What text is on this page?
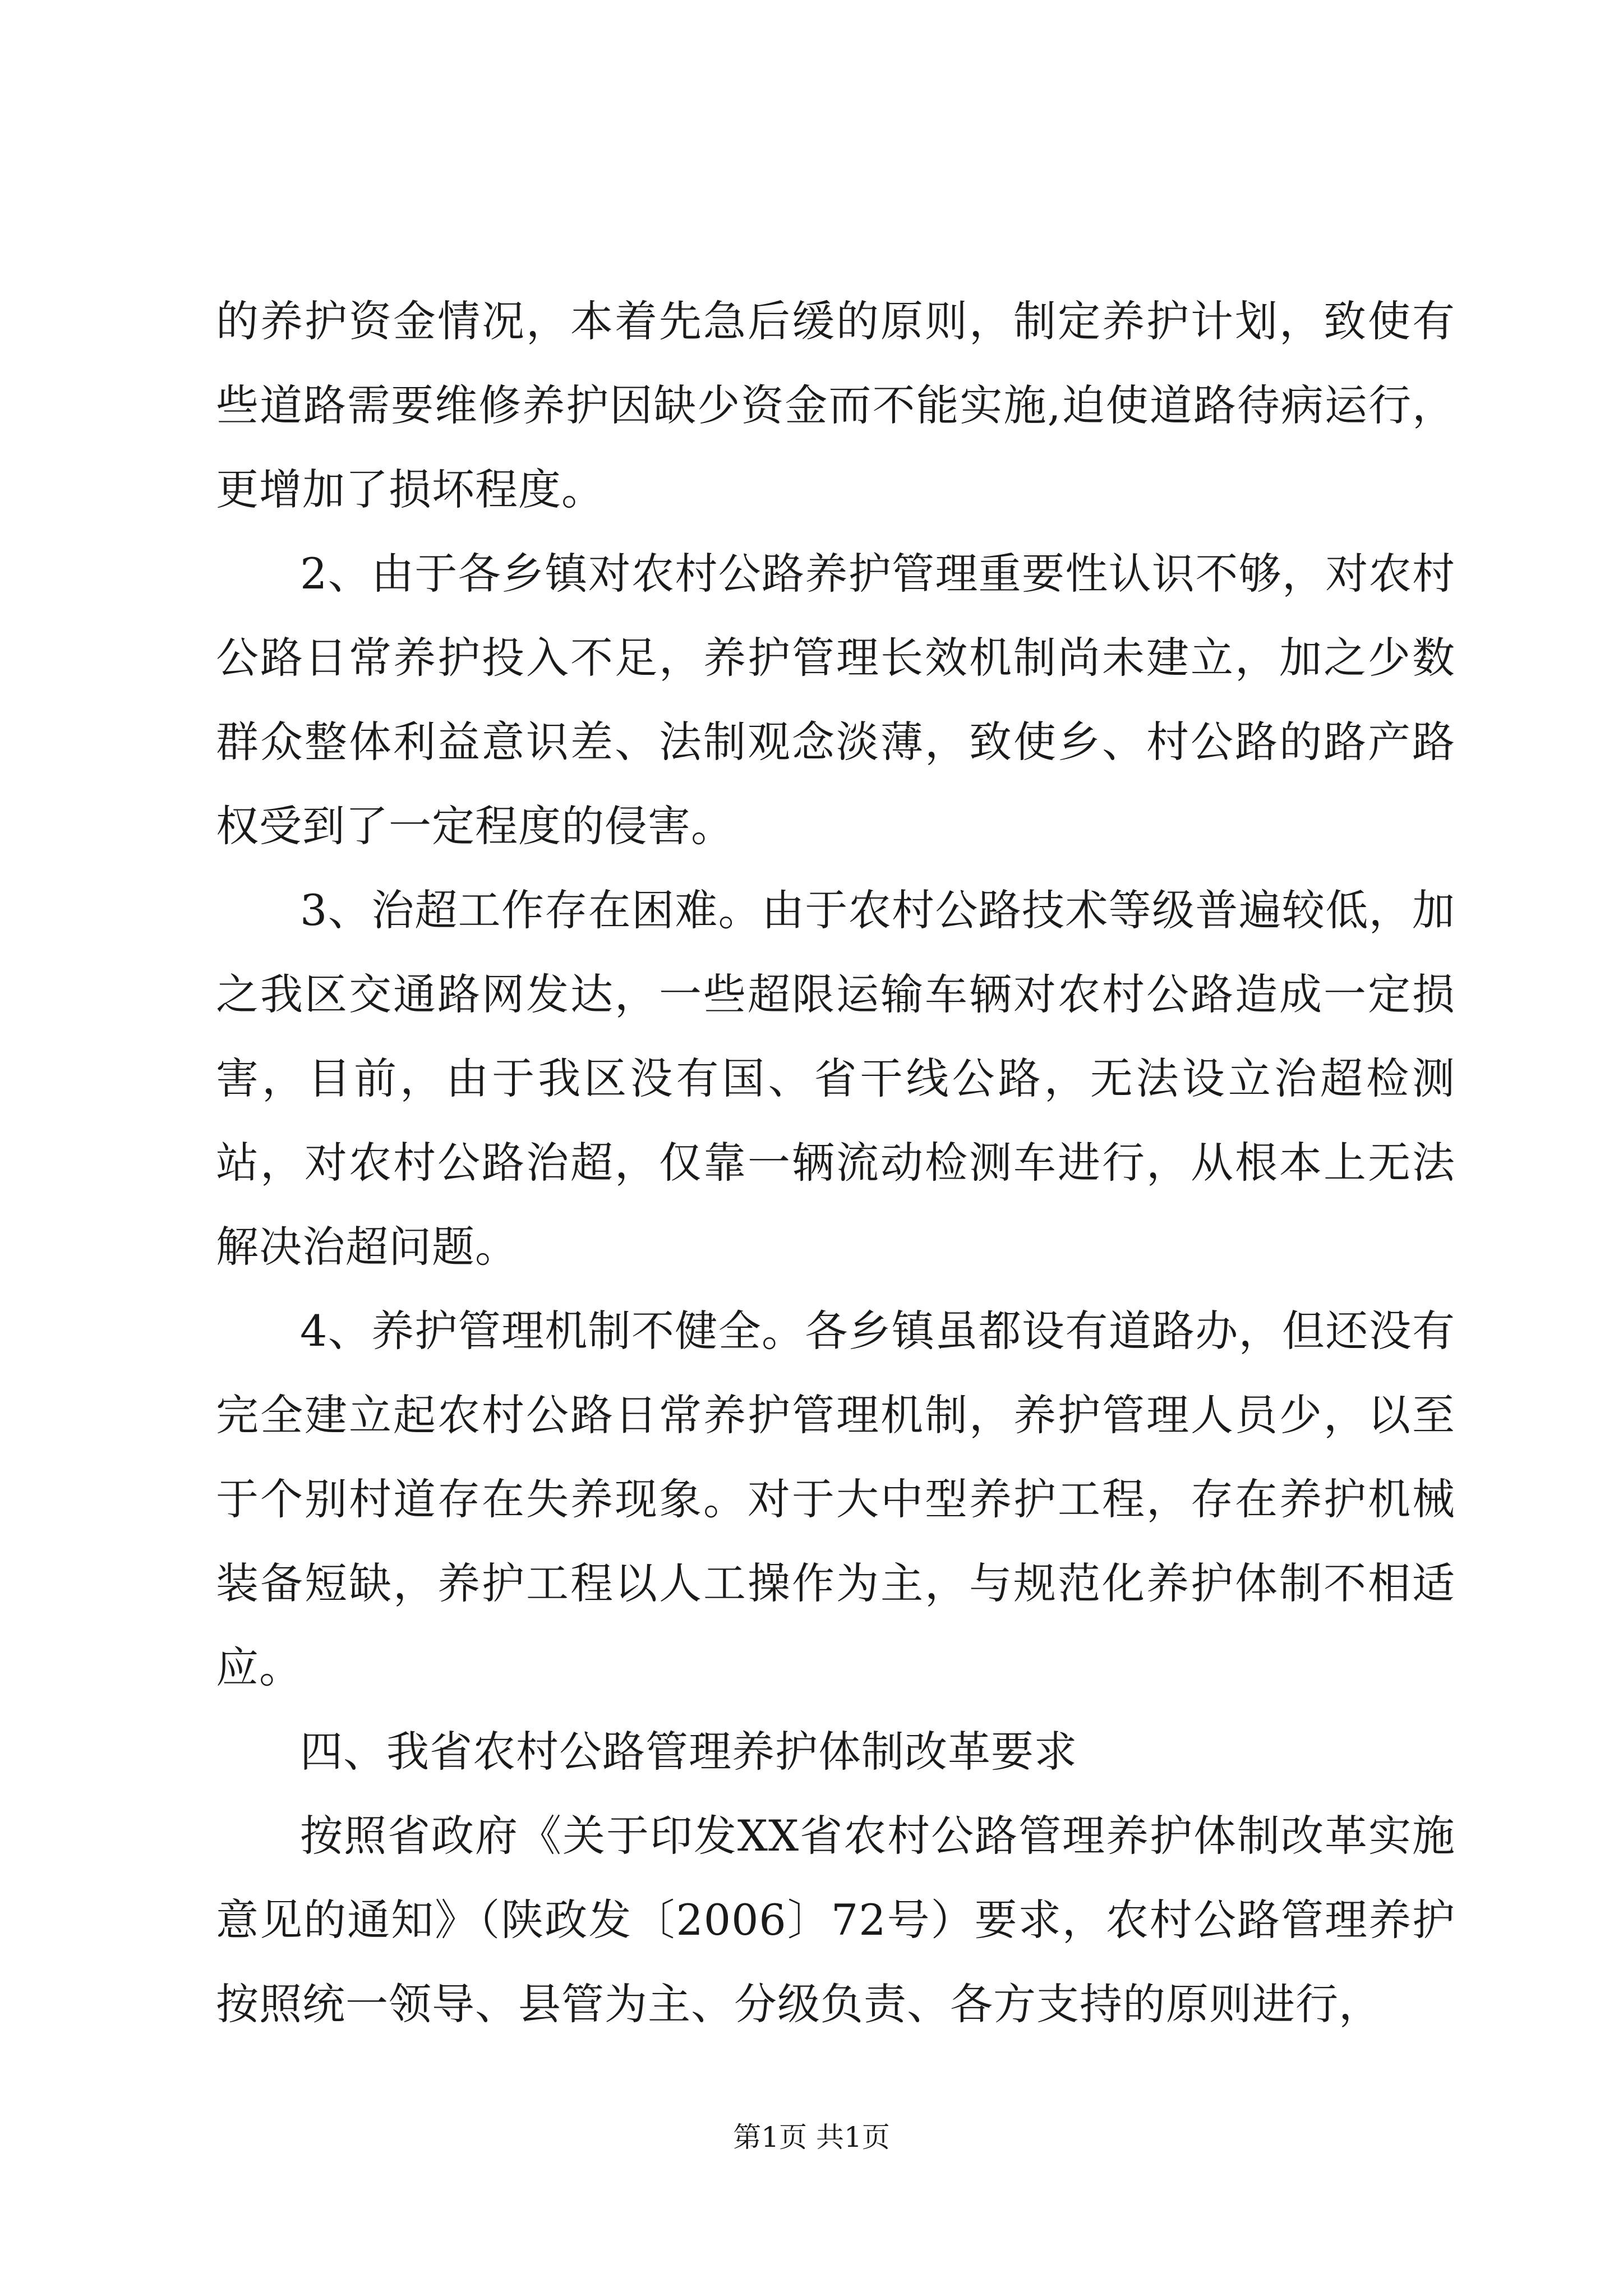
的养护资金情况，本着先急后缓的原则，制定养护计划，致使有些道路需要维修养护因缺少资金而不能实施,迫使道路待病运行，更增加了损坏程度。

2、由于各乡镇对农村公路养护管理重要性认识不够，对农村公路日常养护投入不足，养护管理长效机制尚未建立，加之少数群众整体利益意识差、法制观念淡薄，致使乡、村公路的路产路权受到了一定程度的侵害。

3、治超工作存在困难。由于农村公路技术等级普遍较低，加之我区交通路网发达，一些超限运输车辆对农村公路造成一定损害，目前，由于我区没有国、省干线公路，无法设立治超检测站，对农村公路治超，仅靠一辆流动检测车进行，从根本上无法解决治超问题。

4、养护管理机制不健全。各乡镇虽都设有道路办，但还没有完全建立起农村公路日常养护管理机制，养护管理人员少，以至于个别村道存在失养现象。对于大中型养护工程，存在养护机械装备短缺，养护工程以人工操作为主，与规范化养护体制不相适应。

四、我省农村公路管理养护体制改革要求

按照省政府《关于印发XX省农村公路管理养护体制改革实施意见的通知》（陕政发〔2006〕72号）要求，农村公路管理养护按照统一领导、县管为主、分级负责、各方支持的原则进行，

第1页 共1页
